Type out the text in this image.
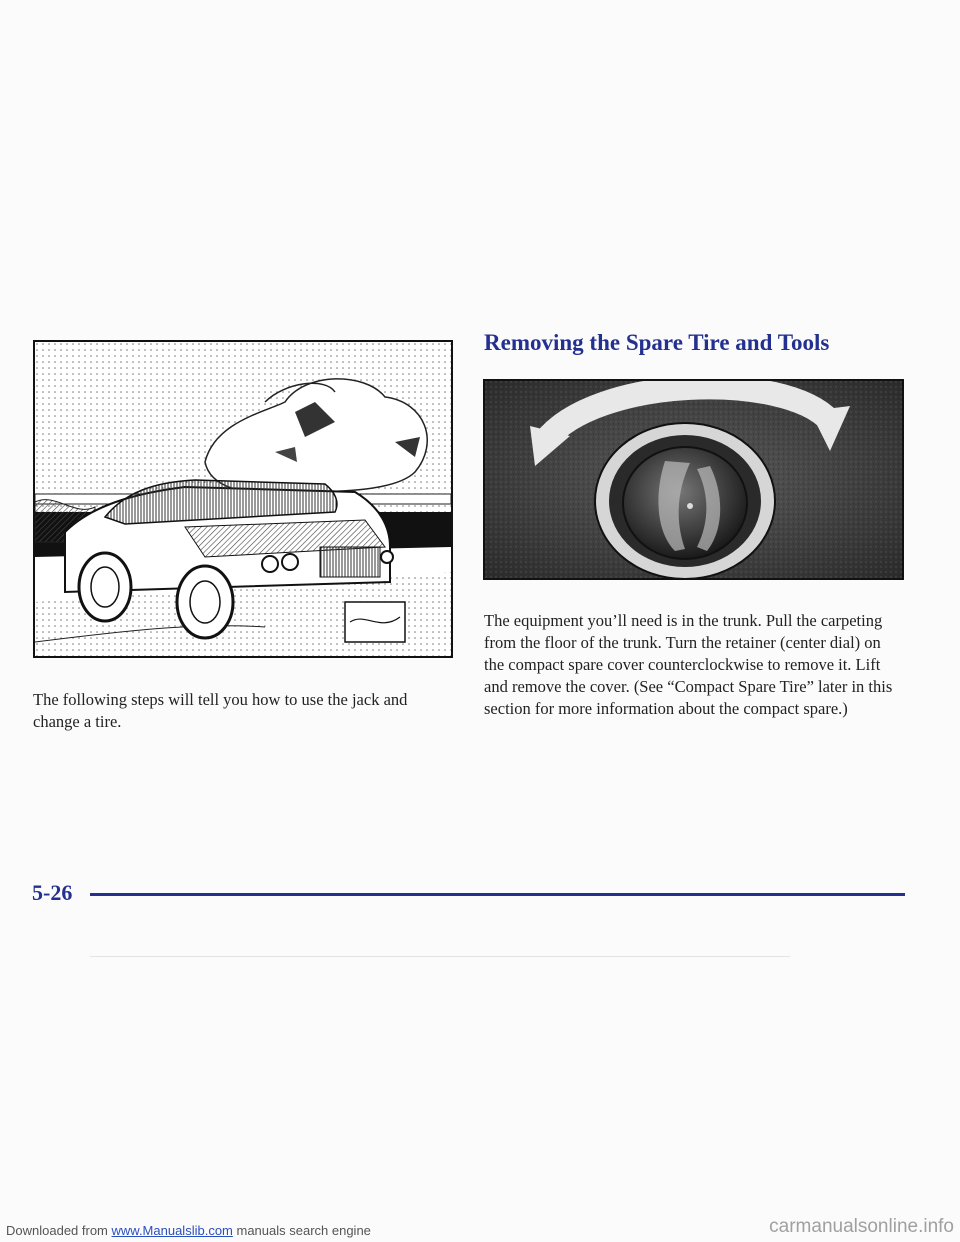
Downloaded from www.Manualslib.com manuals search engine	carmanualsonline.info
Removing the Spare Tire and Tools

The following steps will tell you how to use the jack and change a tire.

The equipment you’ll need is in the trunk. Pull the carpeting from the floor of the trunk. Turn the retainer (center dial) on the compact spare cover counterclockwise to remove it. Lift and remove the cover. (See “Compact Spare Tire” later in this section for more information about the compact spare.)

5-26
